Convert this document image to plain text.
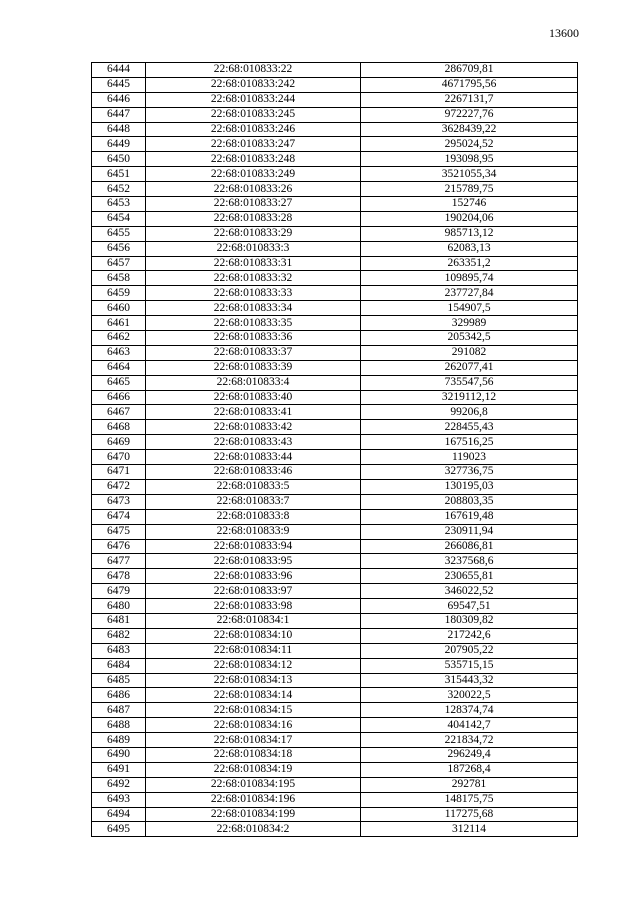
13600
6444	22:68:010833:22	286709,81
6445	22:68:010833:242	4671795,56
6446	22:68:010833:244	2267131,7
6447	22:68:010833:245	972227,76
6448	22:68:010833:246	3628439,22
6449	22:68:010833:247	295024,52
6450	22:68:010833:248	193098,95
6451	22:68:010833:249	3521055,34
6452	22:68:010833:26	215789,75
6453	22:68:010833:27	152746
6454	22:68:010833:28	190204,06
6455	22:68:010833:29	985713,12
6456	22:68:010833:3	62083,13
6457	22:68:010833:31	263351,2
6458	22:68:010833:32	109895,74
6459	22:68:010833:33	237727,84
6460	22:68:010833:34	154907,5
6461	22:68:010833:35	329989
6462	22:68:010833:36	205342,5
6463	22:68:010833:37	291082
6464	22:68:010833:39	262077,41
6465	22:68:010833:4	735547,56
6466	22:68:010833:40	3219112,12
6467	22:68:010833:41	99206,8
6468	22:68:010833:42	228455,43
6469	22:68:010833:43	167516,25
6470	22:68:010833:44	119023
6471	22:68:010833:46	327736,75
6472	22:68:010833:5	130195,03
6473	22:68:010833:7	208803,35
6474	22:68:010833:8	167619,48
6475	22:68:010833:9	230911,94
6476	22:68:010833:94	266086,81
6477	22:68:010833:95	3237568,6
6478	22:68:010833:96	230655,81
6479	22:68:010833:97	346022,52
6480	22:68:010833:98	69547,51
6481	22:68:010834:1	180309,82
6482	22:68:010834:10	217242,6
6483	22:68:010834:11	207905,22
6484	22:68:010834:12	535715,15
6485	22:68:010834:13	315443,32
6486	22:68:010834:14	320022,5
6487	22:68:010834:15	128374,74
6488	22:68:010834:16	404142,7
6489	22:68:010834:17	221834,72
6490	22:68:010834:18	296249,4
6491	22:68:010834:19	187268,4
6492	22:68:010834:195	292781
6493	22:68:010834:196	148175,75
6494	22:68:010834:199	117275,68
6495	22:68:010834:2	312114
